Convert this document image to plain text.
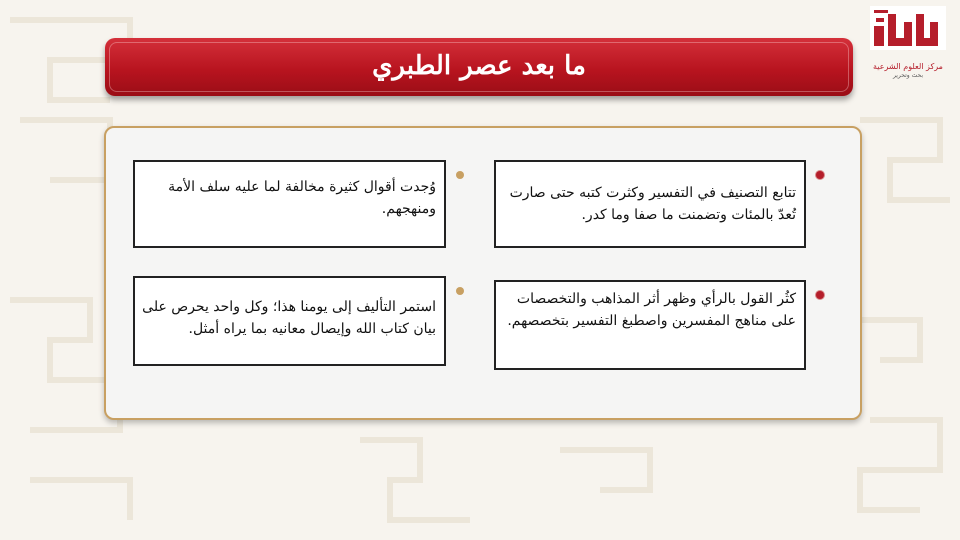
مركز العلوم الشرعية
بحث وتحرير
ما بعد عصر الطبري
تتابع التصنيف في التفسير وكثرت كتبه حتى صارت تُعدّ بالمئات وتضمنت ما صفا وما كدر.
كثُر القول بالرأي وظهر أثر المذاهب والتخصصات على مناهج المفسرين واصطبغ التفسير بتخصصهم.
وُجدت أقوال كثيرة مخالفة لما عليه سلف الأمة ومنهجهم.
استمر التأليف إلى يومنا هذا؛ وكل واحد يحرص على بيان كتاب الله وإيصال معانيه بما يراه أمثل.
